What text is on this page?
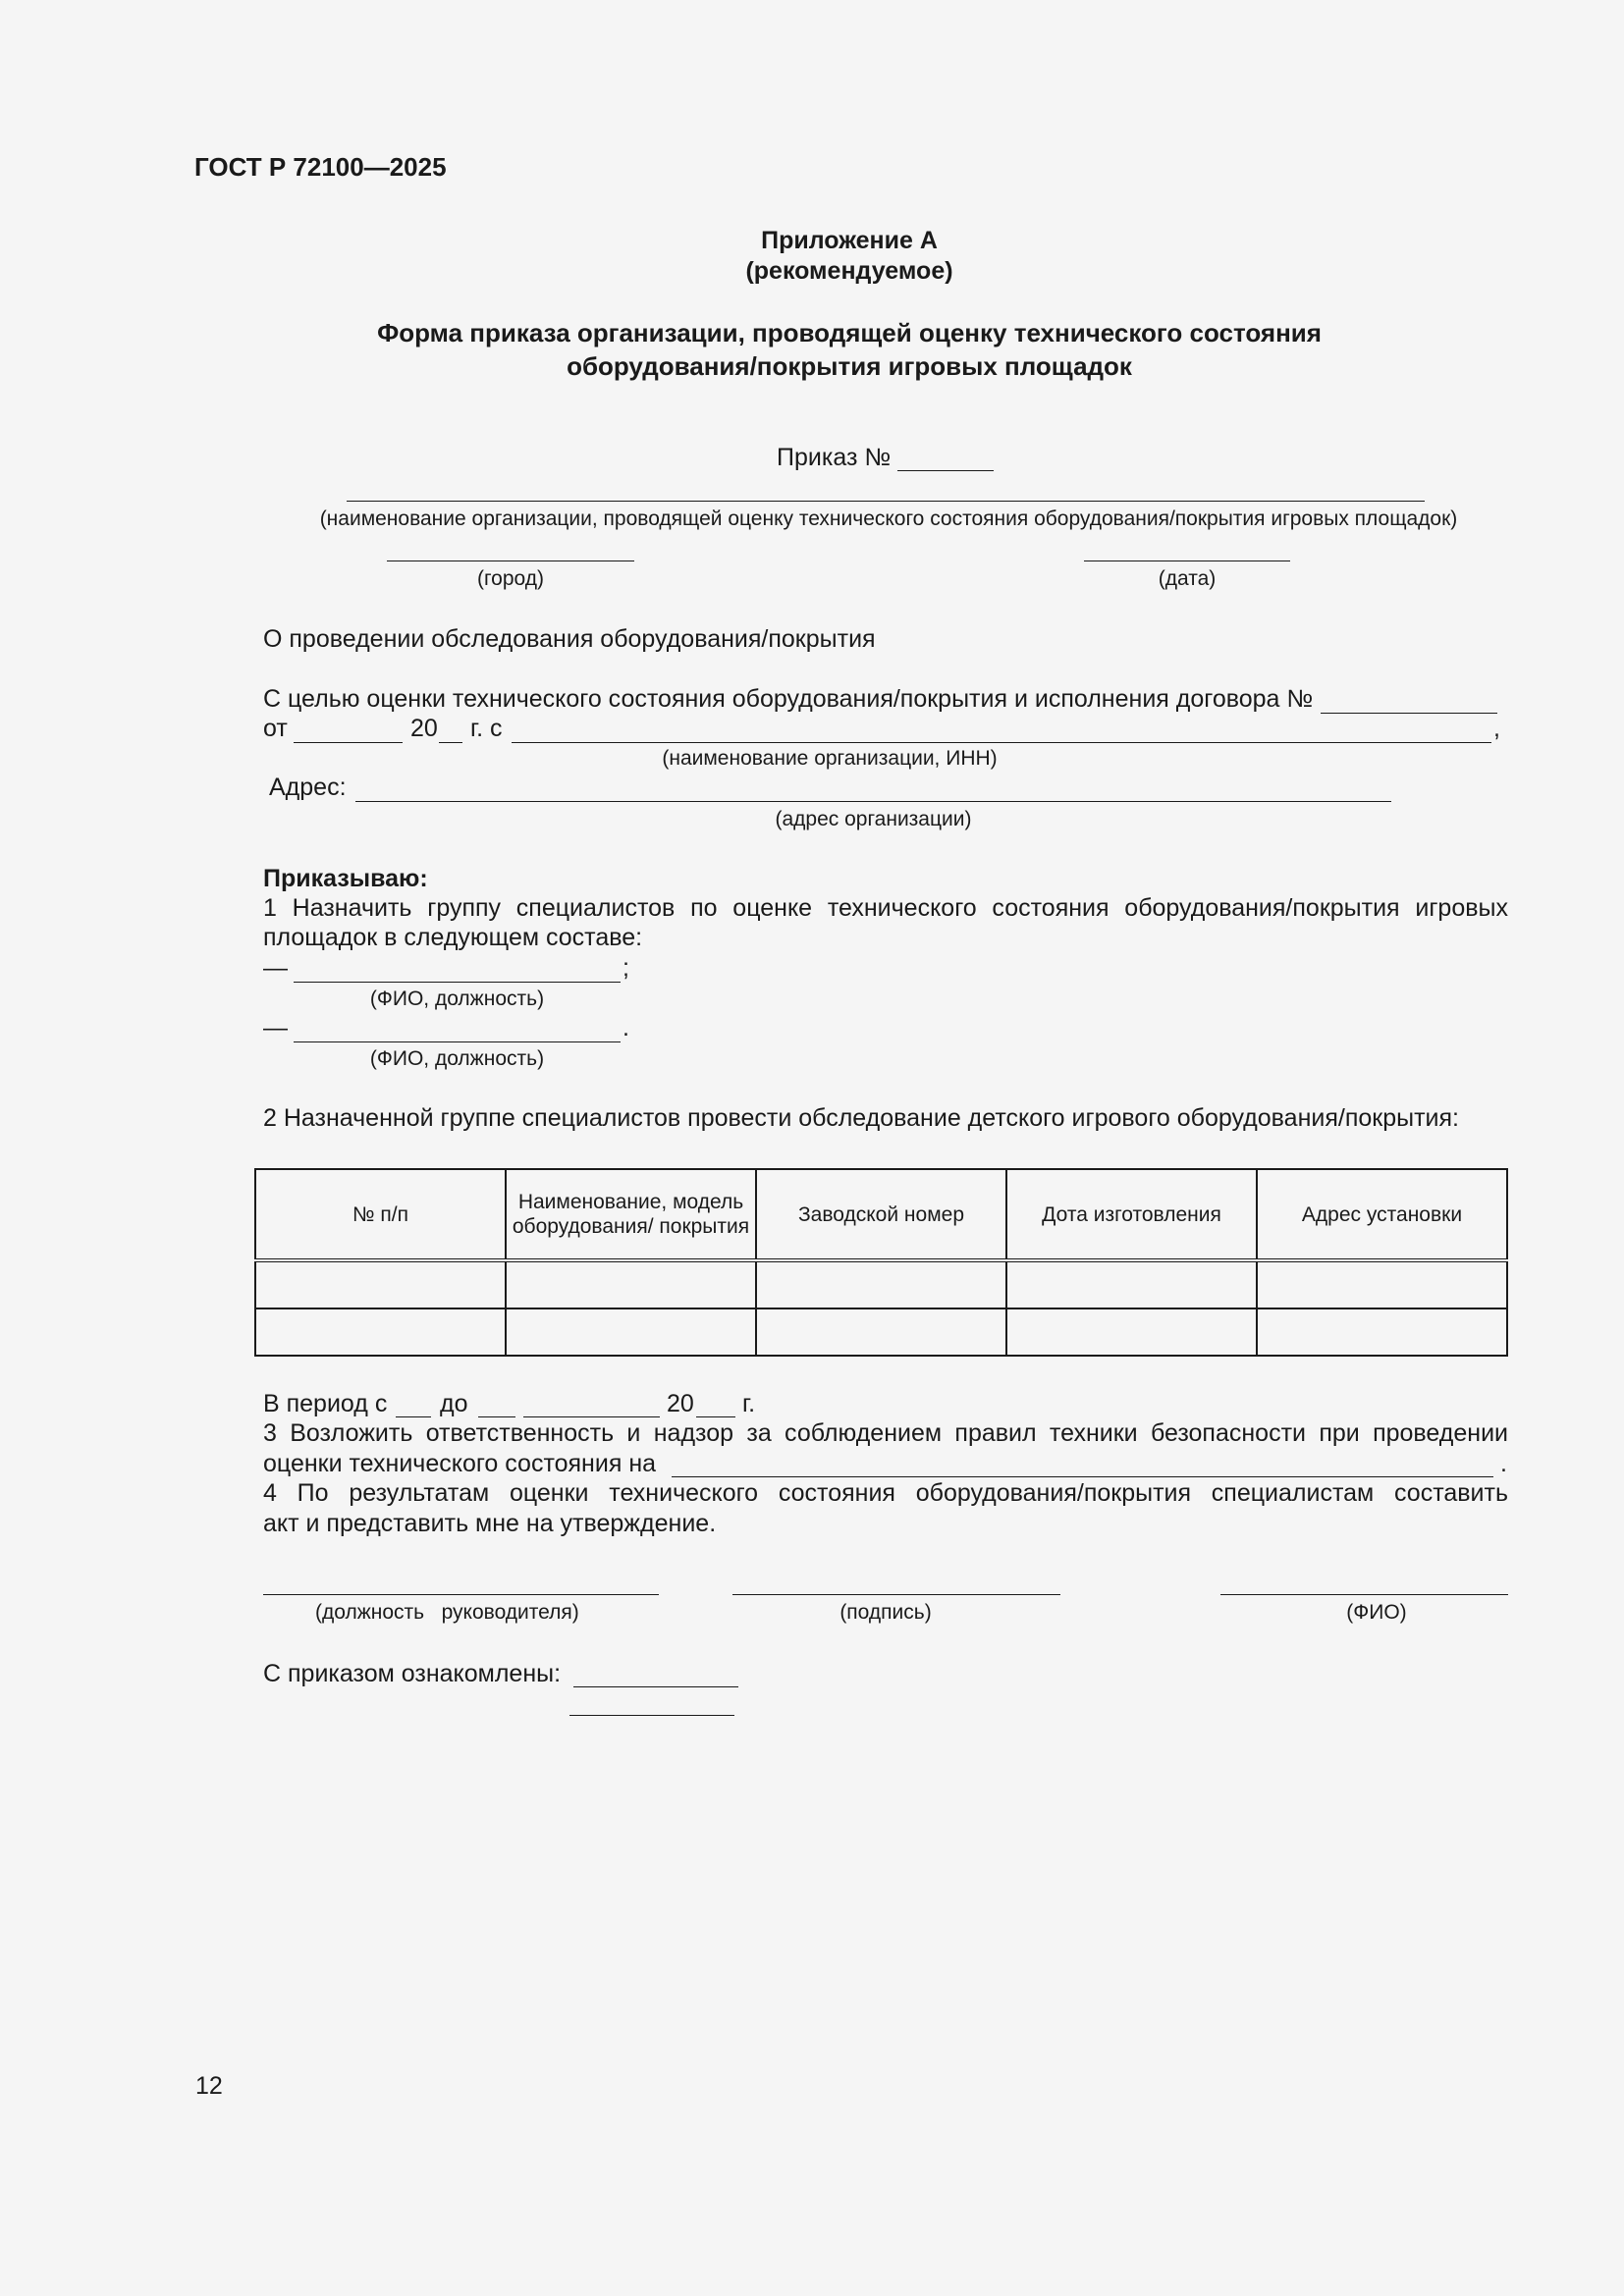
ГОСТ Р 72100—2025
Приложение А
(рекомендуемое)
Форма приказа организации, проводящей оценку технического состояния
оборудования/покрытия игровых площадок
Приказ №
(наименование организации, проводящей оценку технического состояния оборудования/покрытия игровых площадок)
(город)	(дата)
О проведении обследования оборудования/покрытия
С целью оценки технического состояния оборудования/покрытия и исполнения договора №
от	20 г. с	,
(наименование организации, ИНН)
Адрес:
(адрес организации)
Приказываю:
1 Назначить группу специалистов по оценке технического состояния оборудования/покрытия игровых
площадок в следующем составе:
—	;
(ФИО, должность)
—	.
(ФИО, должность)
2 Назначенной группе специалистов провести обследование детского игрового оборудования/покрытия:
№ п/п	Наименование, модель оборудования/ покрытия	Заводской номер	Дота изготовления	Адрес установки

В период с до	20 г.
3 Возложить ответственность и надзор за соблюдением правил техники безопасности при проведении
оценки технического состояния на	.
4 По результатам оценки технического состояния оборудования/покрытия специалистам составить
акт и представить мне на утверждение.
(должность   руководителя)	(подпись)	(ФИО)
С приказом ознакомлены:
12
